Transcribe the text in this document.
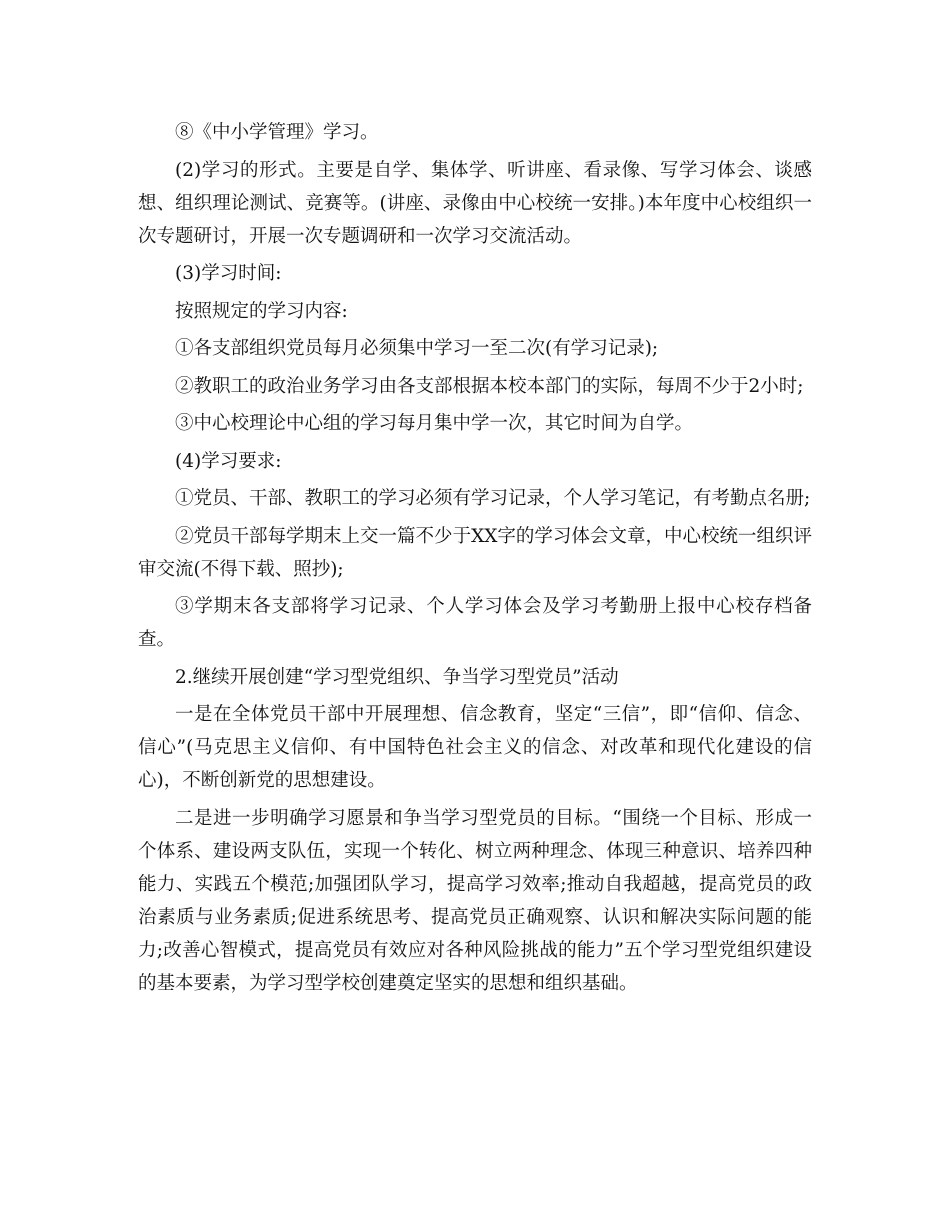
⑧《中小学管理》学习。

(2)学习的形式。主要是自学、集体学、听讲座、看录像、写学习体会、谈感想、组织理论测试、竞赛等。(讲座、录像由中心校统一安排。)本年度中心校组织一次专题研讨，开展一次专题调研和一次学习交流活动。

(3)学习时间:

按照规定的学习内容:

①各支部组织党员每月必须集中学习一至二次(有学习记录);

②教职工的政治业务学习由各支部根据本校本部门的实际，每周不少于2小时;

③中心校理论中心组的学习每月集中学一次，其它时间为自学。

(4)学习要求:

①党员、干部、教职工的学习必须有学习记录，个人学习笔记，有考勤点名册;

②党员干部每学期末上交一篇不少于XX字的学习体会文章，中心校统一组织评审交流(不得下载、照抄);

③学期末各支部将学习记录、个人学习体会及学习考勤册上报中心校存档备查。

2.继续开展创建“学习型党组织、争当学习型党员”活动

一是在全体党员干部中开展理想、信念教育，坚定“三信”，即“信仰、信念、信心”(马克思主义信仰、有中国特色社会主义的信念、对改革和现代化建设的信心)，不断创新党的思想建设。

二是进一步明确学习愿景和争当学习型党员的目标。“围绕一个目标、形成一个体系、建设两支队伍，实现一个转化、树立两种理念、体现三种意识、培养四种能力、实践五个模范;加强团队学习，提高学习效率;推动自我超越，提高党员的政治素质与业务素质;促进系统思考、提高党员正确观察、认识和解决实际问题的能力;改善心智模式，提高党员有效应对各种风险挑战的能力”五个学习型党组织建设的基本要素，为学习型学校创建奠定坚实的思想和组织基础。
